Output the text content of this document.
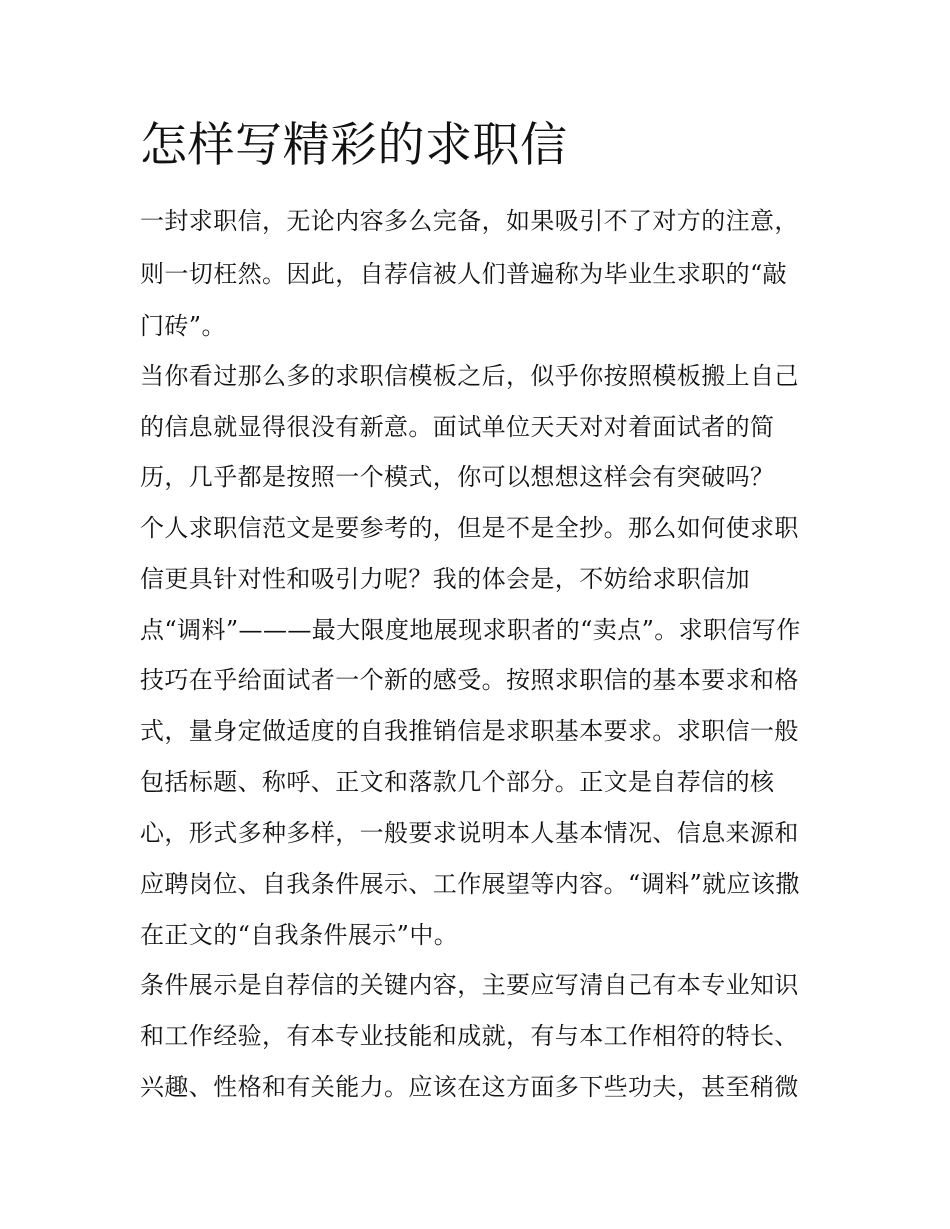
怎样写精彩的求职信

一封求职信，无论内容多么完备，如果吸引不了对方的注意，

则一切枉然。因此，自荐信被人们普遍称为毕业生求职的“敲

门砖”。

当你看过那么多的求职信模板之后，似乎你按照模板搬上自己

的信息就显得很没有新意。面试单位天天对对着面试者的简

历，几乎都是按照一个模式，你可以想想这样会有突破吗？

个人求职信范文是要参考的，但是不是全抄。那么如何使求职

信更具针对性和吸引力呢？我的体会是，不妨给求职信加

点“调料”———最大限度地展现求职者的“卖点”。求职信写作

技巧在乎给面试者一个新的感受。按照求职信的基本要求和格

式，量身定做适度的自我推销信是求职基本要求。求职信一般

包括标题、称呼、正文和落款几个部分。正文是自荐信的核

心，形式多种多样，一般要求说明本人基本情况、信息来源和

应聘岗位、自我条件展示、工作展望等内容。“调料”就应该撒

在正文的“自我条件展示”中。

条件展示是自荐信的关键内容，主要应写清自己有本专业知识

和工作经验，有本专业技能和成就，有与本工作相符的特长、

兴趣、性格和有关能力。应该在这方面多下些功夫，甚至稍微
